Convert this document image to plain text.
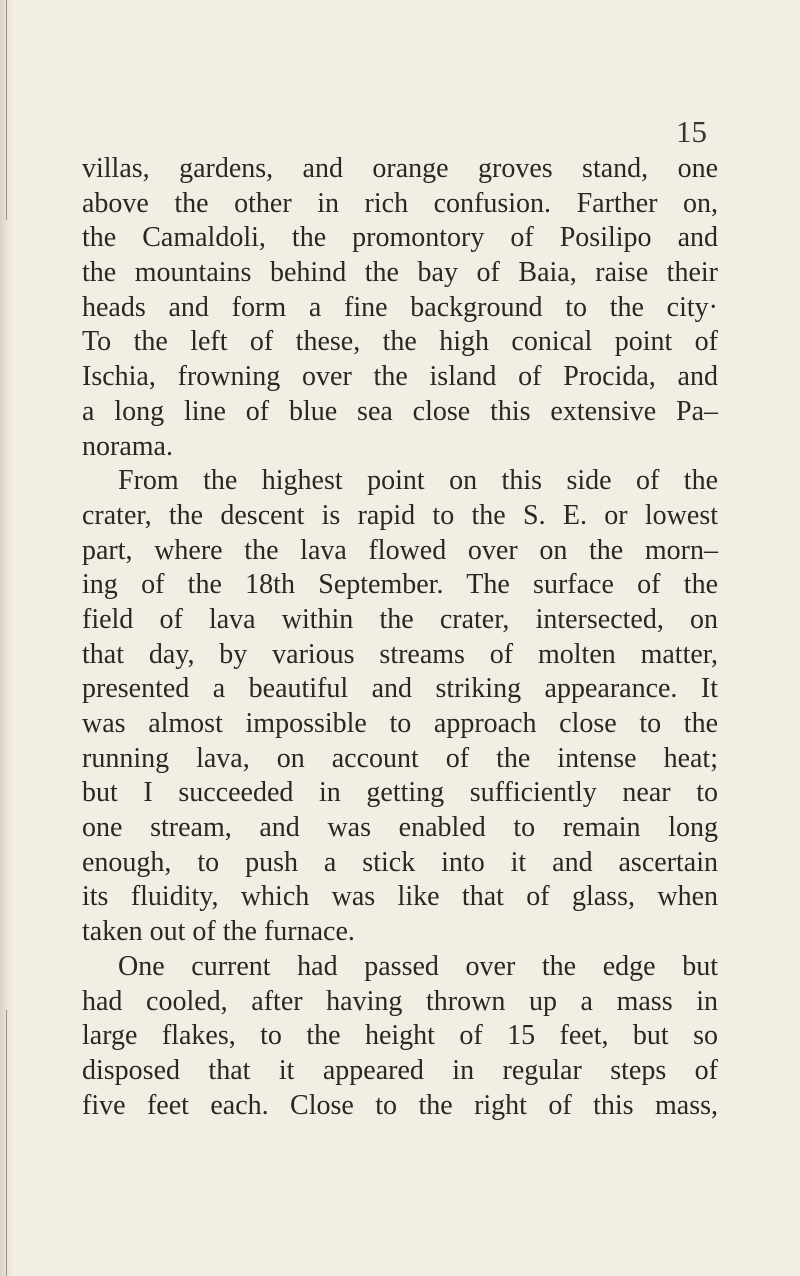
15
villas, gardens, and orange groves stand, one
above the other in rich confusion. Farther on,
the Camaldoli, the promontory of Posilipo and
the mountains behind the bay of Baia, raise their
heads and form a fine background to the city·
To the left of these, the high conical point of
Ischia, frowning over the island of Procida, and
a long line of blue sea close this extensive Pa–
norama.
From the highest point on this side of the
crater, the descent is rapid to the S. E. or lowest
part, where the lava flowed over on the morn–
ing of the 18th September. The surface of the
field of lava within the crater, intersected, on
that day, by various streams of molten matter,
presented a beautiful and striking appearance. It
was almost impossible to approach close to the
running lava, on account of the intense heat;
but I succeeded in getting sufficiently near to
one stream, and was enabled to remain long
enough, to push a stick into it and ascertain
its fluidity, which was like that of glass, when
taken out of the furnace.
One current had passed over the edge but
had cooled, after having thrown up a mass in
large flakes, to the height of 15 feet, but so
disposed that it appeared in regular steps of
five feet each. Close to the right of this mass,
